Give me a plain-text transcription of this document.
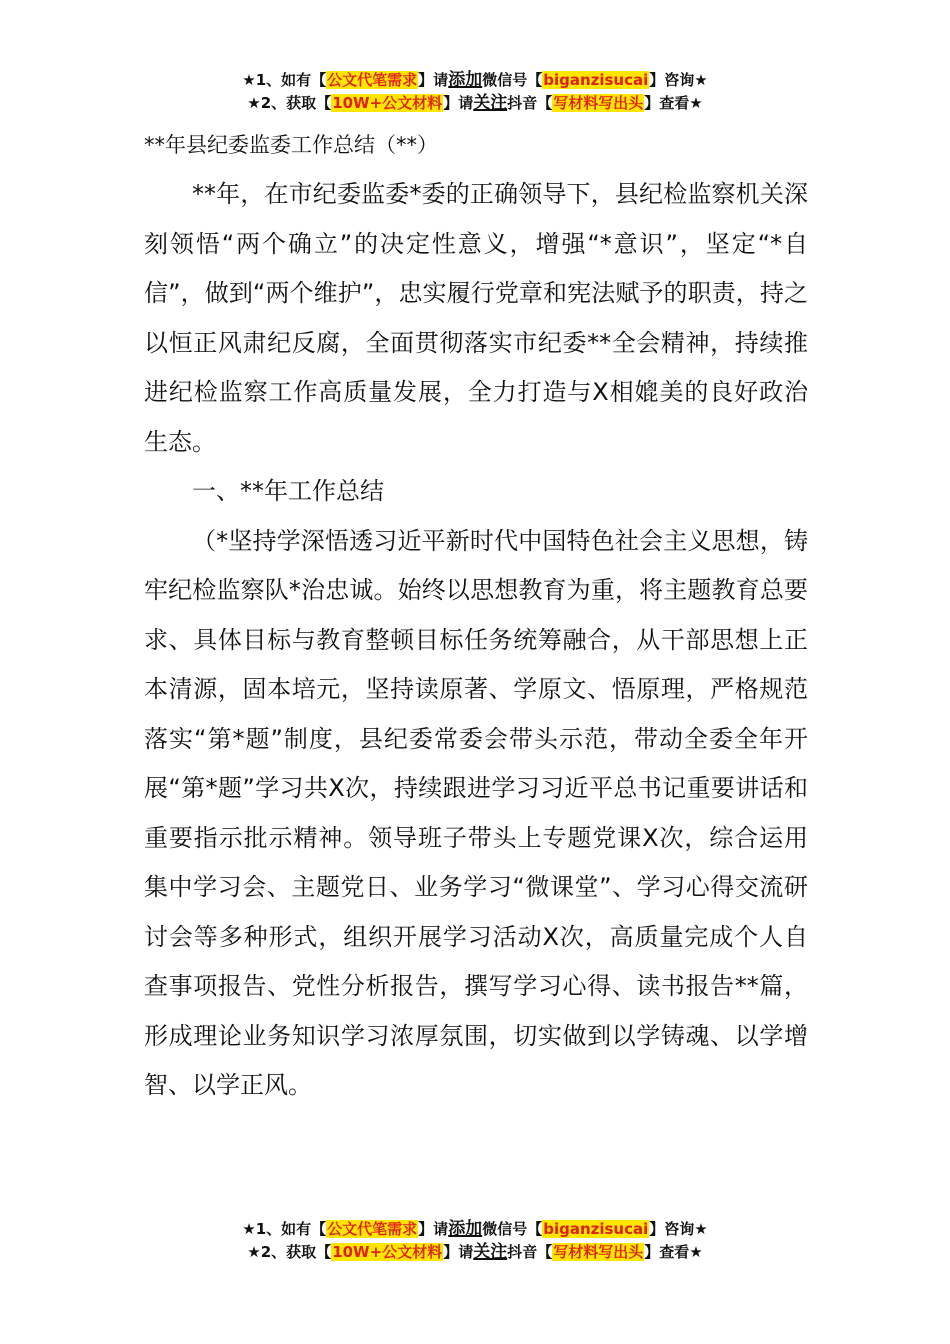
★1、如有【公文代笔需求】请添加微信号【biganzisucai】咨询★
★2、获取【10W+公文材料】请关注抖音【写材料写出头】查看★
**年县纪委监委工作总结（**）

**年，在市纪委监委*委的正确领导下，县纪检监察机关深刻领悟“两个确立”的决定性意义，增强“*意识”，坚定“*自信”，做到“两个维护”，忠实履行党章和宪法赋予的职责，持之以恒正风肃纪反腐，全面贯彻落实市纪委**全会精神，持续推进纪检监察工作高质量发展，全力打造与X相媲美的良好政治生态。

一、**年工作总结

（*坚持学深悟透习近平新时代中国特色社会主义思想，铸牢纪检监察队*治忠诚。始终以思想教育为重，将主题教育总要求、具体目标与教育整顿目标任务统筹融合，从干部思想上正本清源，固本培元，坚持读原著、学原文、悟原理，严格规范落实“第*题”制度，县纪委常委会带头示范，带动全委全年开展“第*题”学习共X次，持续跟进学习习近平总书记重要讲话和重要指示批示精神。领导班子带头上专题党课X次，综合运用集中学习会、主题党日、业务学习“微课堂”、学习心得交流研讨会等多种形式，组织开展学习活动X次，高质量完成个人自查事项报告、党性分析报告，撰写学习心得、读书报告**篇，形成理论业务知识学习浓厚氛围，切实做到以学铸魂、以学增智、以学正风。

★1、如有【公文代笔需求】请添加微信号【biganzisucai】咨询★
★2、获取【10W+公文材料】请关注抖音【写材料写出头】查看★
